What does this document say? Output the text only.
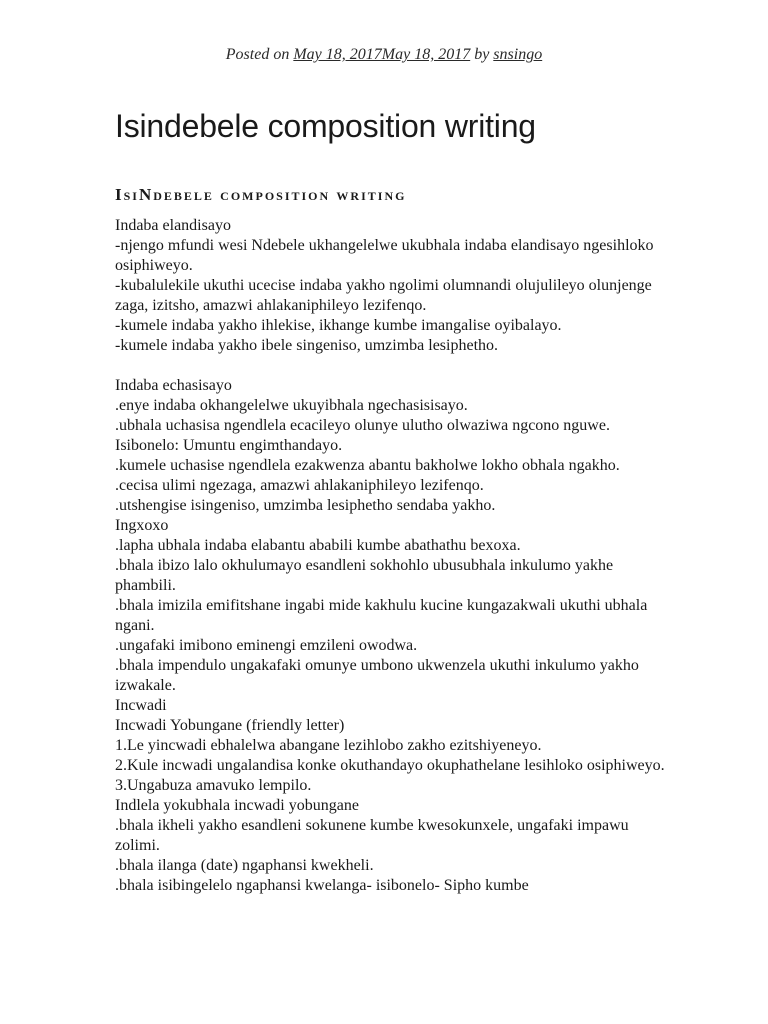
Posted on May 18, 2017May 18, 2017 by snsingo
Isindebele composition writing
IsiNdebele composition writing

Indaba elandisayo

-njengo mfundi wesi Ndebele ukhangelelwe ukubhala indaba elandisayo ngesihloko osiphiweyo.

-kubalulekile ukuthi ucecise indaba yakho ngolimi olumnandi olujulileyo olunjenge zaga, izitsho, amazwi ahlakaniphileyo lezifenqo.

-kumele indaba yakho ihlekise, ikhange kumbe imangalise oyibalayo.

-kumele indaba yakho ibele singeniso, umzimba lesiphetho.

Indaba echasisayo

.enye indaba okhangelelwe ukuyibhala ngechasisisayo.

.ubhala uchasisa ngendlela ecacileyo olunye ulutho olwaziwa ngcono nguwe. Isibonelo: Umuntu engimthandayo.

.kumele uchasise ngendlela ezakwenza abantu bakholwe lokho obhala ngakho.

.cecisa ulimi ngezaga, amazwi ahlakaniphileyo lezifenqo.

.utshengise isingeniso, umzimba lesiphetho sendaba yakho.

Ingxoxo

.lapha ubhala indaba elabantu ababili kumbe abathathu bexoxa.

.bhala ibizo lalo okhulumayo esandleni sokhohlo ubusubhala inkulumo yakhe phambili.

.bhala imizila emifitshane ingabi mide kakhulu kucine kungazakwali ukuthi ubhala ngani.

.ungafaki imibono eminengi emzileni owodwa.

.bhala impendulo ungakafaki omunye umbono ukwenzela ukuthi inkulumo yakho izwakale.

Incwadi

Incwadi Yobungane (friendly letter)

1.Le yincwadi ebhalelwa abangane lezihlobo zakho ezitshiyeneyo.

2.Kule incwadi ungalandisa konke okuthandayo okuphathelane lesihloko osiphiweyo.

3.Ungabuza amavuko lempilo.

Indlela yokubhala incwadi yobungane

.bhala ikheli yakho esandleni sokunene kumbe kwesokunxele, ungafaki impawu zolimi.

.bhala ilanga (date) ngaphansi kwekheli.

.bhala isibingelelo ngaphansi kwelanga- isibonelo- Sipho kumbe
